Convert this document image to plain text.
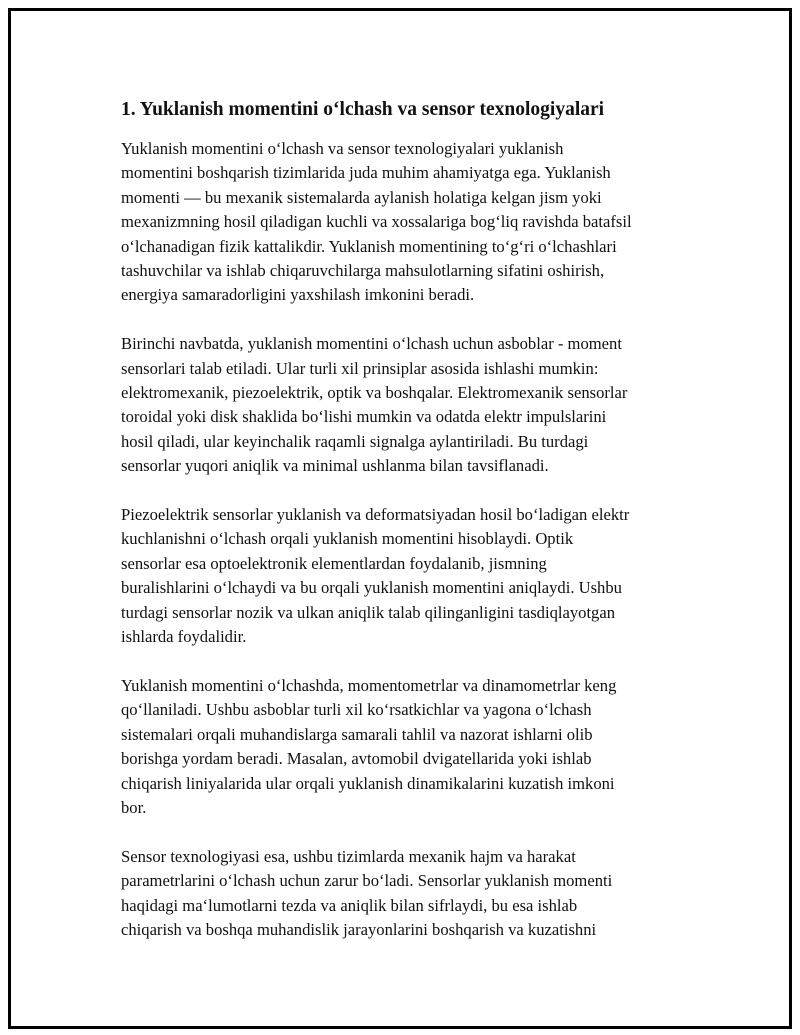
1. Yuklanish momentini o‘lchash va sensor texnologiyalari

Yuklanish momentini o‘lchash va sensor texnologiyalari yuklanish
momentini boshqarish tizimlarida juda muhim ahamiyatga ega. Yuklanish
momenti — bu mexanik sistemalarda aylanish holatiga kelgan jism yoki
mexanizmning hosil qiladigan kuchli va xossalariga bog‘liq ravishda batafsil
o‘lchanadigan fizik kattalikdir. Yuklanish momentining to‘g‘ri o‘lchashlari
tashuvchilar va ishlab chiqaruvchilarga mahsulotlarning sifatini oshirish,
energiya samaradorligini yaxshilash imkonini beradi.

Birinchi navbatda, yuklanish momentini o‘lchash uchun asboblar - moment
sensorlari talab etiladi. Ular turli xil prinsiplar asosida ishlashi mumkin:
elektromexanik, piezoelektrik, optik va boshqalar. Elektromexanik sensorlar
toroidal yoki disk shaklida bo‘lishi mumkin va odatda elektr impulslarini
hosil qiladi, ular keyinchalik raqamli signalga aylantiriladi. Bu turdagi
sensorlar yuqori aniqlik va minimal ushlanma bilan tavsiflanadi.

Piezoelektrik sensorlar yuklanish va deformatsiyadan hosil bo‘ladigan elektr
kuchlanishni o‘lchash orqali yuklanish momentini hisoblaydi. Optik
sensorlar esa optoelektronik elementlardan foydalanib, jismning
buralishlarini o‘lchaydi va bu orqali yuklanish momentini aniqlaydi. Ushbu
turdagi sensorlar nozik va ulkan aniqlik talab qilinganligini tasdiqlayotgan
ishlarda foydalidir.

Yuklanish momentini o‘lchashda, momentometrlar va dinamometrlar keng
qo‘llaniladi. Ushbu asboblar turli xil ko‘rsatkichlar va yagona o‘lchash
sistemalari orqali muhandislarga samarali tahlil va nazorat ishlarni olib
borishga yordam beradi. Masalan, avtomobil dvigatellarida yoki ishlab
chiqarish liniyalarida ular orqali yuklanish dinamikalarini kuzatish imkoni
bor.

Sensor texnologiyasi esa, ushbu tizimlarda mexanik hajm va harakat
parametrlarini o‘lchash uchun zarur bo‘ladi. Sensorlar yuklanish momenti
haqidagi ma‘lumotlarni tezda va aniqlik bilan sifrlaydi, bu esa ishlab
chiqarish va boshqa muhandislik jarayonlarini boshqarish va kuzatishni
